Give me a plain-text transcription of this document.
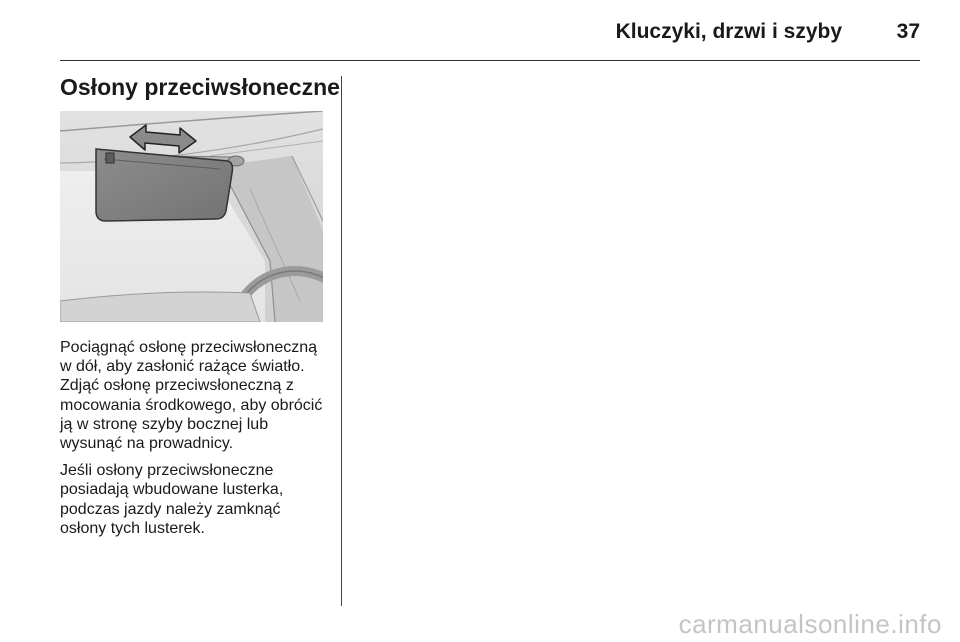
Kluczyki, drzwi i szyby	37
Osłony przeciwsłoneczne

Pociągnąć osłonę przeciwsłoneczną w dół, aby zasłonić rażące światło. Zdjąć osłonę przeciwsłoneczną z mocowania środkowego, aby obrócić ją w stronę szyby bocznej lub wysunąć na prowadnicy.

Jeśli osłony przeciwsłoneczne posiadają wbudowane lusterka, podczas jazdy należy zamknąć osłony tych lusterek.

carmanualsonline.info
